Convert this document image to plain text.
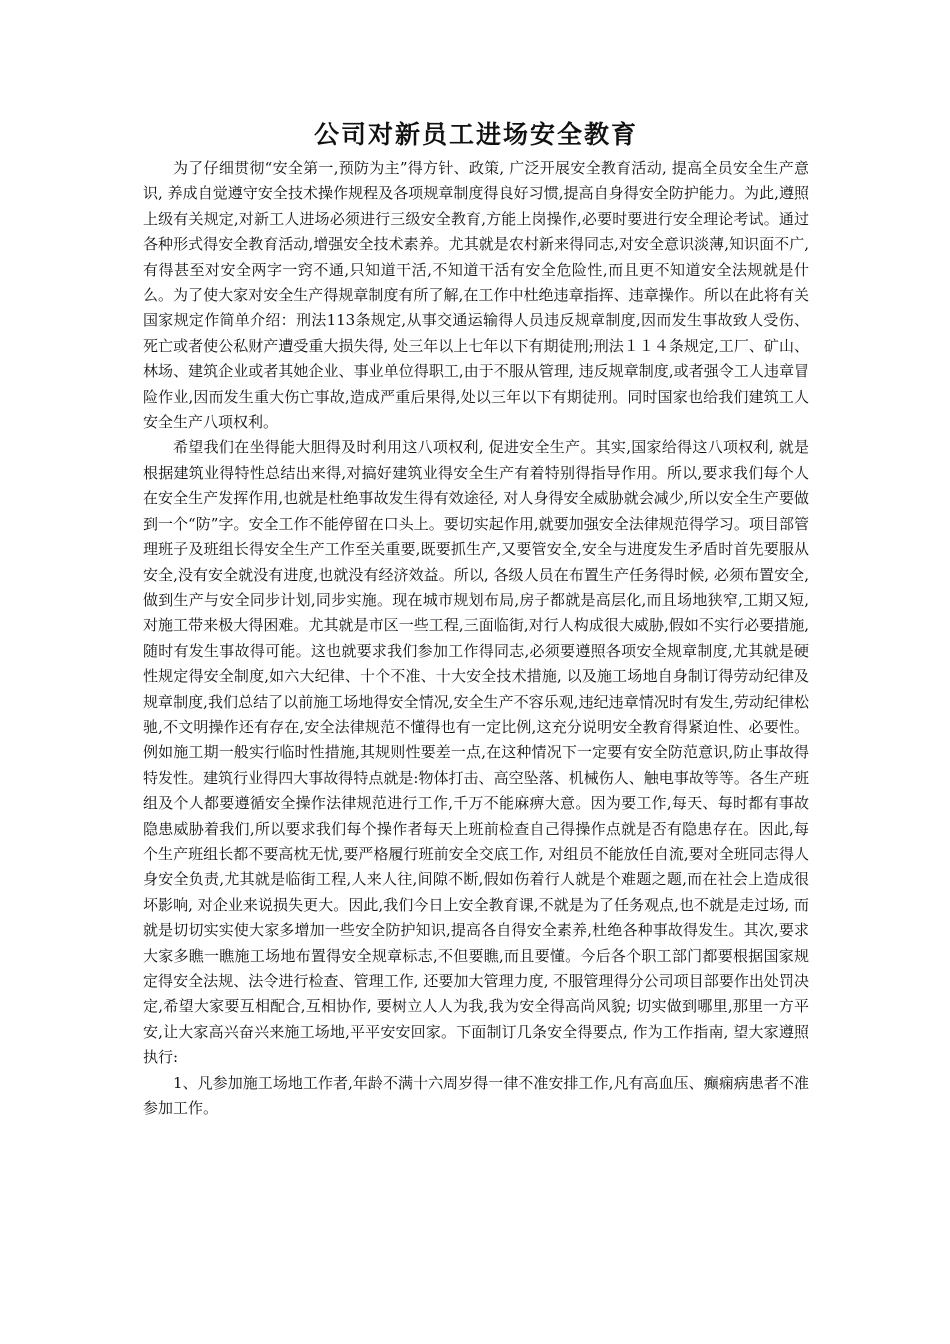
公司对新员工进场安全教育

为了仔细贯彻“安全第一,预防为主”得方针、政策, 广泛开展安全教育活动, 提高全员安全生产意识, 养成自觉遵守安全技术操作规程及各项规章制度得良好习惯,提高自身得安全防护能力。为此,遵照上级有关规定,对新工人进场必须进行三级安全教育,方能上岗操作,必要时要进行安全理论考试。通过各种形式得安全教育活动,增强安全技术素养。尤其就是农村新来得同志,对安全意识淡薄,知识面不广,有得甚至对安全两字一窍不通,只知道干活,不知道干活有安全危险性,而且更不知道安全法规就是什么。为了使大家对安全生产得规章制度有所了解,在工作中杜绝违章指挥、违章操作。所以在此将有关国家规定作简单介绍：刑法113条规定,从事交通运输得人员违反规章制度,因而发生事故致人受伤、死亡或者使公私财产遭受重大损失得, 处三年以上七年以下有期徒刑;刑法１１４条规定,工厂、矿山、林场、建筑企业或者其她企业、事业单位得职工,由于不服从管理, 违反规章制度,或者强令工人违章冒险作业,因而发生重大伤亡事故,造成严重后果得,处以三年以下有期徒刑。同时国家也给我们建筑工人安全生产八项权利。

希望我们在坐得能大胆得及时利用这八项权利, 促进安全生产。其实,国家给得这八项权利, 就是根据建筑业得特性总结出来得,对搞好建筑业得安全生产有着特别得指导作用。所以,要求我们每个人在安全生产发挥作用,也就是杜绝事故发生得有效途径, 对人身得安全威胁就会减少,所以安全生产要做到一个“防”字。安全工作不能停留在口头上。要切实起作用,就要加强安全法律规范得学习。项目部管理班子及班组长得安全生产工作至关重要,既要抓生产,又要管安全,安全与进度发生矛盾时首先要服从安全,没有安全就没有进度,也就没有经济效益。所以, 各级人员在布置生产任务得时候, 必须布置安全,做到生产与安全同步计划,同步实施。现在城市规划布局,房子都就是高层化,而且场地狭窄,工期又短,对施工带来极大得困难。尤其就是市区一些工程,三面临街,对行人构成很大威胁,假如不实行必要措施,随时有发生事故得可能。这也就要求我们参加工作得同志,必须要遵照各项安全规章制度,尤其就是硬性规定得安全制度,如六大纪律、十个不准、十大安全技术措施, 以及施工场地自身制订得劳动纪律及规章制度,我们总结了以前施工场地得安全情况,安全生产不容乐观,违纪违章情况时有发生,劳动纪律松驰,不文明操作还有存在,安全法律规范不懂得也有一定比例,这充分说明安全教育得紧迫性、必要性。例如施工期一般实行临时性措施,其规则性要差一点,在这种情况下一定要有安全防范意识,防止事故得特发性。建筑行业得四大事故得特点就是:物体打击、高空坠落、机械伤人、触电事故等等。各生产班组及个人都要遵循安全操作法律规范进行工作,千万不能麻痹大意。因为要工作,每天、每时都有事故隐患威胁着我们,所以要求我们每个操作者每天上班前检查自己得操作点就是否有隐患存在。因此,每个生产班组长都不要高枕无忧,要严格履行班前安全交底工作, 对组员不能放任自流,要对全班同志得人身安全负责,尤其就是临街工程,人来人往,间隙不断,假如伤着行人就是个难题之题,而在社会上造成很坏影响, 对企业来说损失更大。因此,我们今日上安全教育课,不就是为了任务观点,也不就是走过场, 而就是切切实实使大家多增加一些安全防护知识,提高各自得安全素养,杜绝各种事故得发生。其次,要求大家多瞧一瞧施工场地布置得安全规章标志,不但要瞧,而且要懂。今后各个职工部门都要根据国家规定得安全法规、法令进行检查、管理工作, 还要加大管理力度, 不服管理得分公司项目部要作出处罚决定,希望大家要互相配合,互相协作, 要树立人人为我,我为安全得高尚风貌; 切实做到哪里,那里一方平安,让大家高兴奋兴来施工场地,平平安安回家。下面制订几条安全得要点, 作为工作指南, 望大家遵照执行:

1、凡参加施工场地工作者,年龄不满十六周岁得一律不准安排工作,凡有高血压、癫痫病患者不准参加工作。
